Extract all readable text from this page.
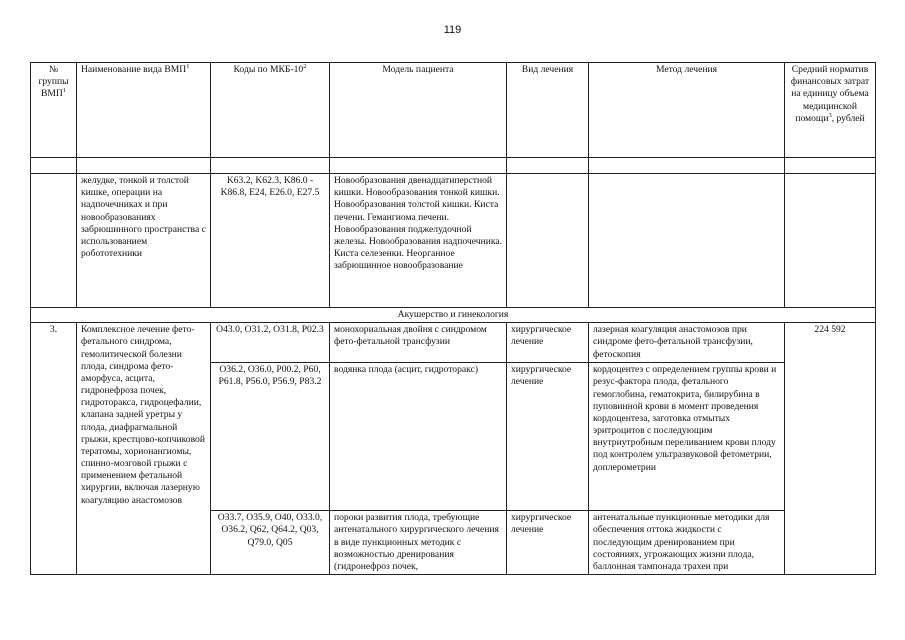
119
№ группы ВМП$^1$	Наименование вида ВМП$^1$	Коды по МКБ-$10^2$	Модель пациента	Вид лечения	Метод лечения	Средний норматив финансовых затрат на единицу объема медицинской помощи$^3$, рублей

	желудке, тонкой и толстой кишке, операции на надпочечниках и при новообразованиях забрюшинного пространства с использованием робототехники	K63.2, K62.3, K86.0 - K86.8, E24, E26.0, E27.5	Новообразования двенадцатиперстной кишки. Новообразования тонкой кишки. Новообразования толстой кишки. Киста печени. Гемангиома печени. Новообразования поджелудочной железы. Новообразования надпочечника. Киста селезенки. Неорганное забрюшинное новообразование			
Акушерство и гинекология						
3.	Комплексное лечение фето-фетального синдрома, гемолитической болезни плода, синдрома фето-аморфуса, асцита, гидронефроза почек, гидроторакса, гидроцефалии, клапана задней уретры у плода, диафрагмальной грыжи, крестцово-копчиковой тератомы, хорионангиомы, спинно-мозговой грыжи с применением фетальной хирургии, включая лазерную коагуляцию анастомозов	O43.0, O31.2, O31.8, P02.3	монохориальная двойня с синдромом фето-фетальной трансфузии	хирургическое лечение	лазерная коагуляция анастомозов при синдроме фето-фетальной трансфузии, фетоскопия	224 592
		O36.2, O36.0, P00.2, P60, P61.8, P56.0, P56.9, P83.2	водянка плода (асцит, гидроторакс)	хирургическое лечение	кордоцентез с определением группы крови и резус-фактора плода, фетального гемоглобина, гематокрита, билирубина в пуповинной крови в момент проведения кордоцентеза, заготовка отмытых эритроцитов с последующим внутриутробным переливанием крови плоду под контролем ультразвуковой фетометрии, доплерометрии	
		O33.7, O35.9, O40, O33.0, O36.2, Q62, Q64.2, Q03, Q79.0, Q05	пороки развития плода, требующие антенатального хирургического лечения в виде пункционных методик с возможностью дренирования (гидронефроз почек,	хирургическое лечение	антенатальные пункционные методики для обеспечения оттока жидкости с последующим дренированием при состояниях, угрожающих жизни плода, баллонная тампонада трахеи при	
